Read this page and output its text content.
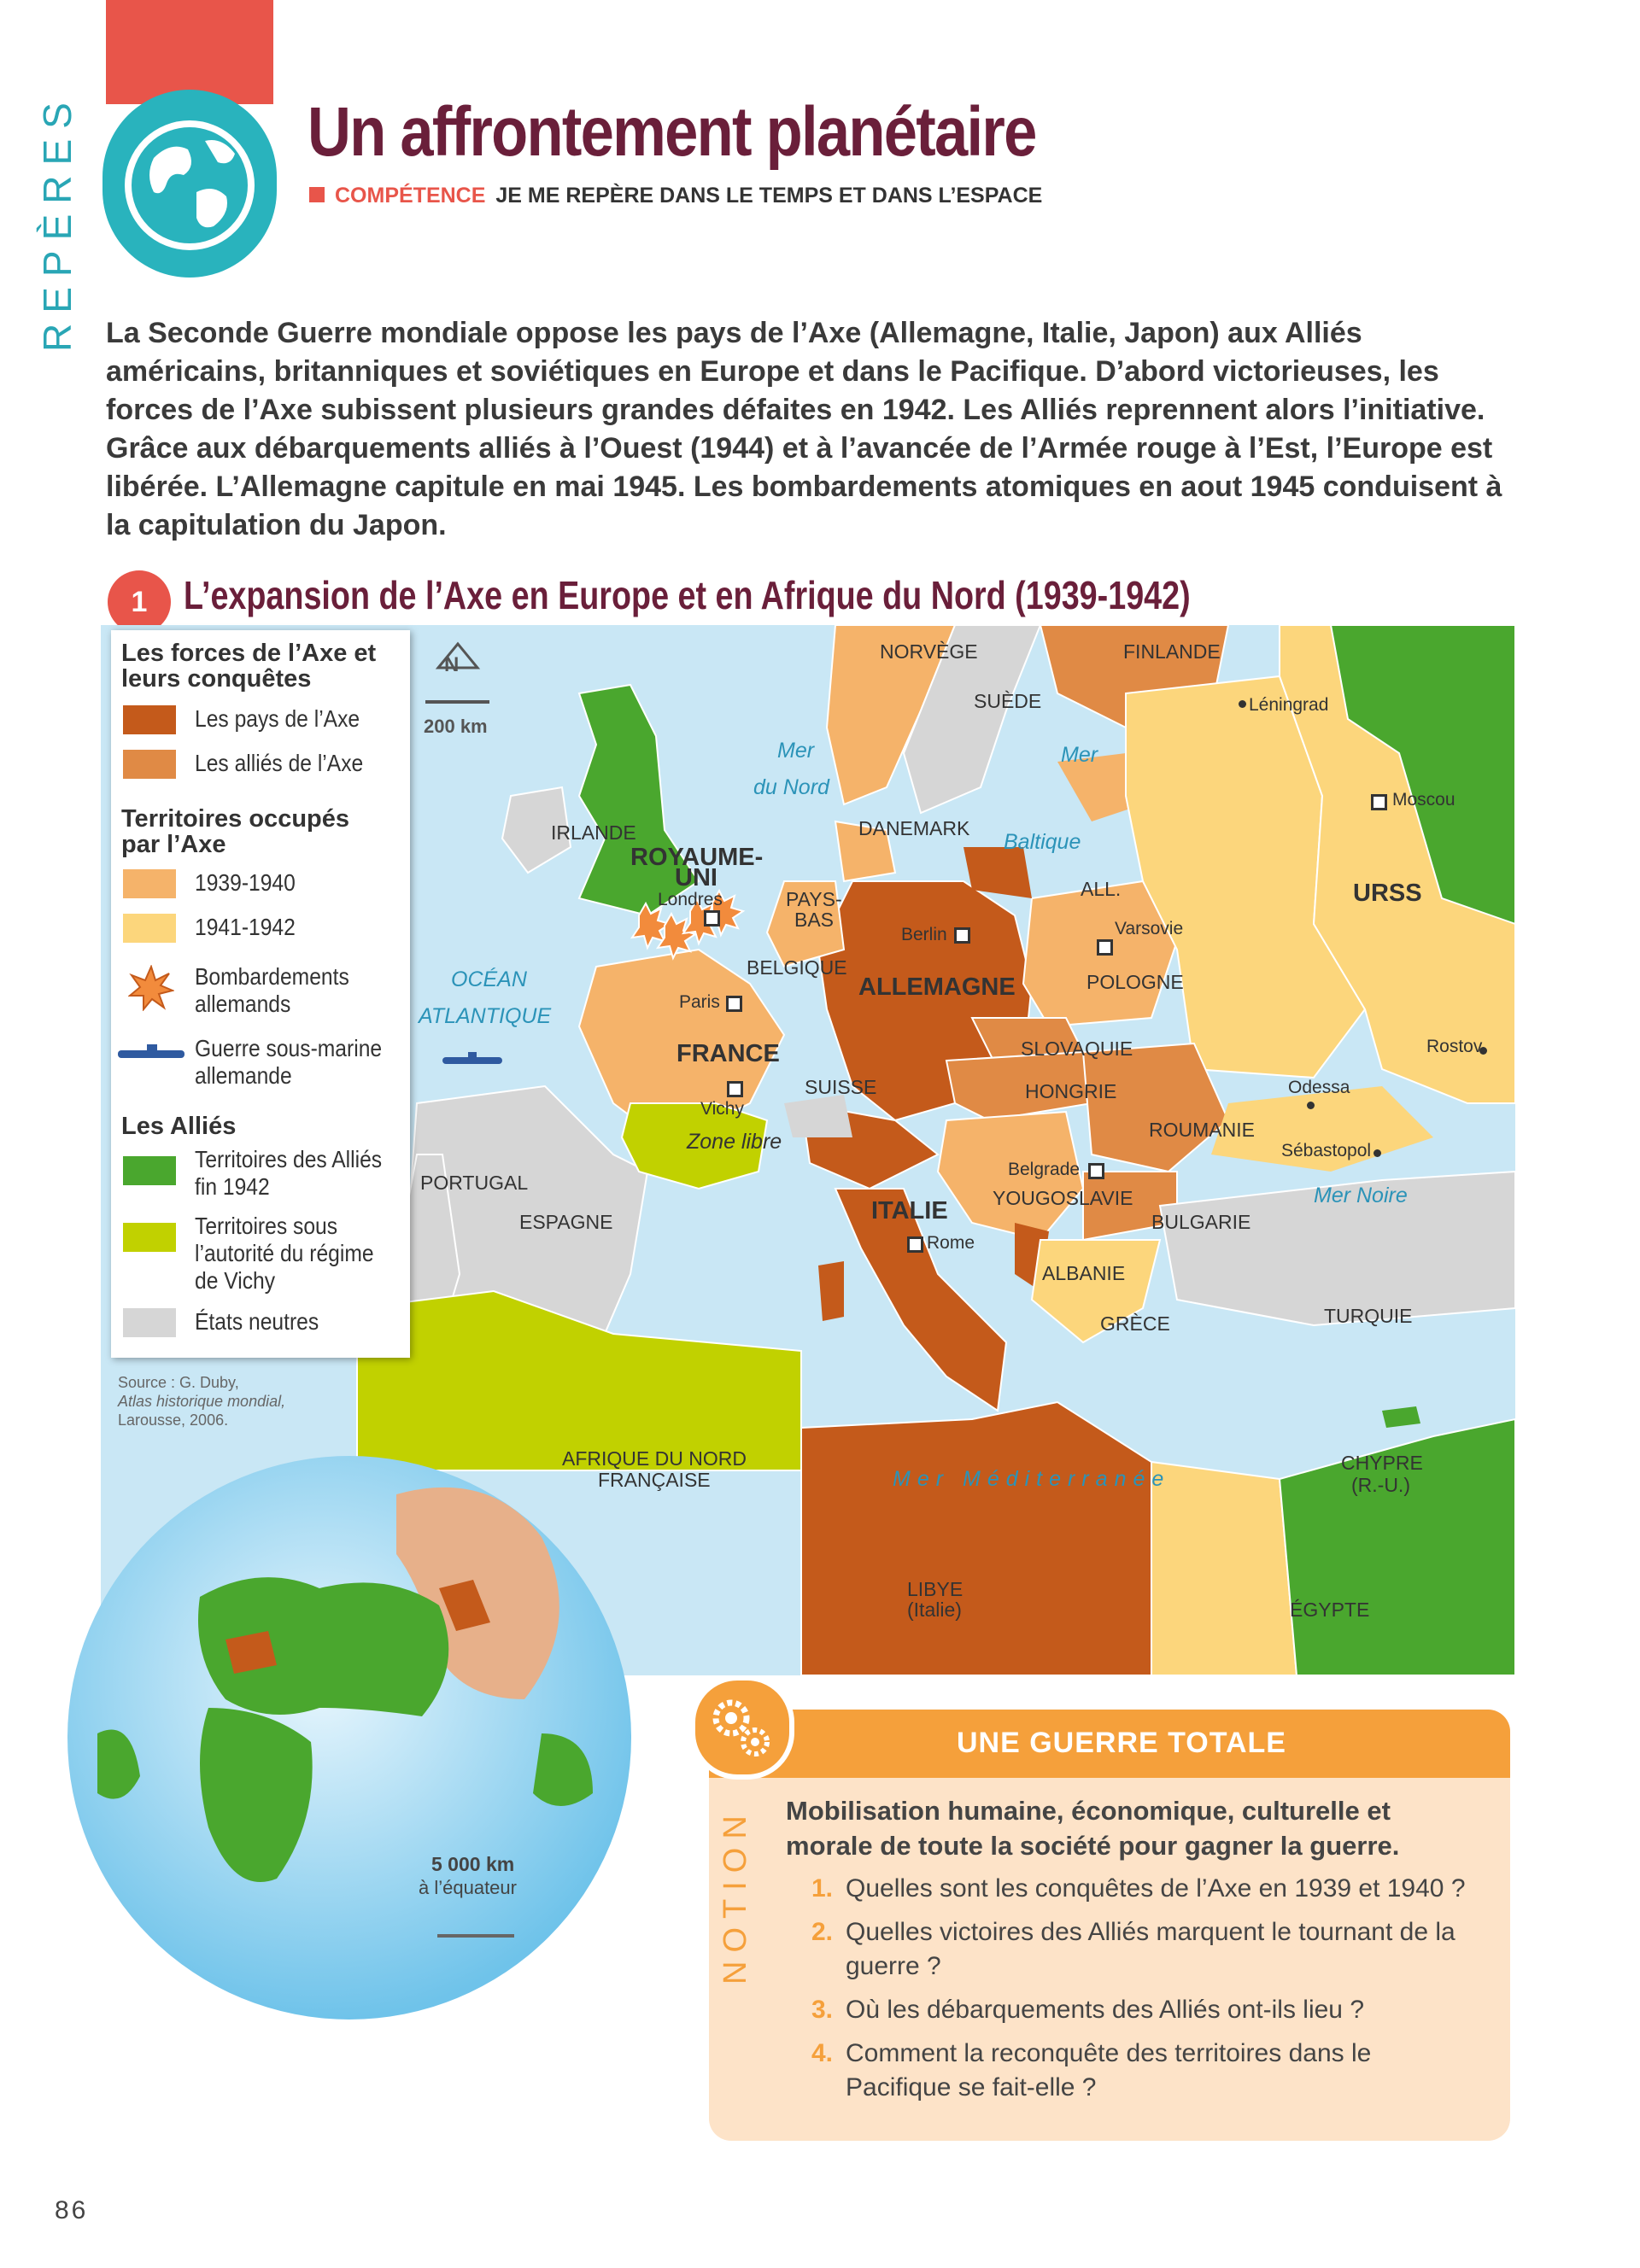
REPÈRES	Un affrontement planétaire
COMPÉTENCE JE ME REPÈRE DANS LE TEMPS ET DANS L’ESPACE
La Seconde Guerre mondiale oppose les pays de l’Axe (Allemagne, Italie, Japon) aux Alliés américains, britanniques et soviétiques en Europe et dans le Pacifique. D’abord victorieuses, les forces de l’Axe subissent plusieurs grandes défaites en 1942. Les Alliés reprennent alors l’initiative. Grâce aux débarquements alliés à l’Ouest (1944) et à l’avancée de l’Armée rouge à l’Est, l’Europe est libérée. L’Allemagne capitule en mai 1945. Les bombardements atomiques en aout 1945 conduisent à la capitulation du Japon.
1 L’expansion de l’Axe en Europe et en Afrique du Nord (1939-1942)
N
200 km
NORVÈGE
SUÈDE
FINLANDE
DANEMARK
IRLANDE
ROYAUME-
UNI
PAYS-
BAS
BELGIQUE
ALLEMAGNE
ALL.
POLOGNE
URSS
FRANCE
Zone libre
SUISSE
SLOVAQUIE
HONGRIE
ROUMANIE
PORTUGAL
ESPAGNE	ITALIE YOUGOSLAVIE
BULGARIE
ALBANIE
GRÈCE	TURQUIE
AFRIQUE DU NORD
FRANÇAISE
CHYPRE
(R.-U.)
LIBYE
(Italie)	ÉGYPTE
Mer
du Nord
Mer
Baltique
OCÉAN
ATLANTIQUE
Mer Noire
Mer Méditerranée
Léningrad
Moscou
Londres
Berlin	Varsovie
Paris
Vichy
Rostov
Odessa
Sébastopol
Belgrade
Rome
Les forces de l’Axe et leurs conquêtes
Les pays de l’Axe
Les alliés de l’Axe
Territoires occupés par l’Axe
1939-1940
1941-1942
Bombardements allemands
Guerre sous-marine allemande
Les Alliés
Territoires des Alliés fin 1942
Territoires sous l’autorité du régime de Vichy
États neutres
Source : G. Duby,
Atlas historique mondial,
Larousse, 2006.
5 000 km
à l’équateur
UNE GUERRE TOTALE
NOTION Mobilisation humaine, économique, culturelle et morale de toute la société pour gagner la guerre.
1. Quelles sont les conquêtes de l’Axe en 1939 et 1940 ?
2. Quelles victoires des Alliés marquent le tournant de la guerre ?
3. Où les débarquements des Alliés ont-ils lieu ?
4. Comment la reconquête des territoires dans le Pacifique se fait-elle ?
86
